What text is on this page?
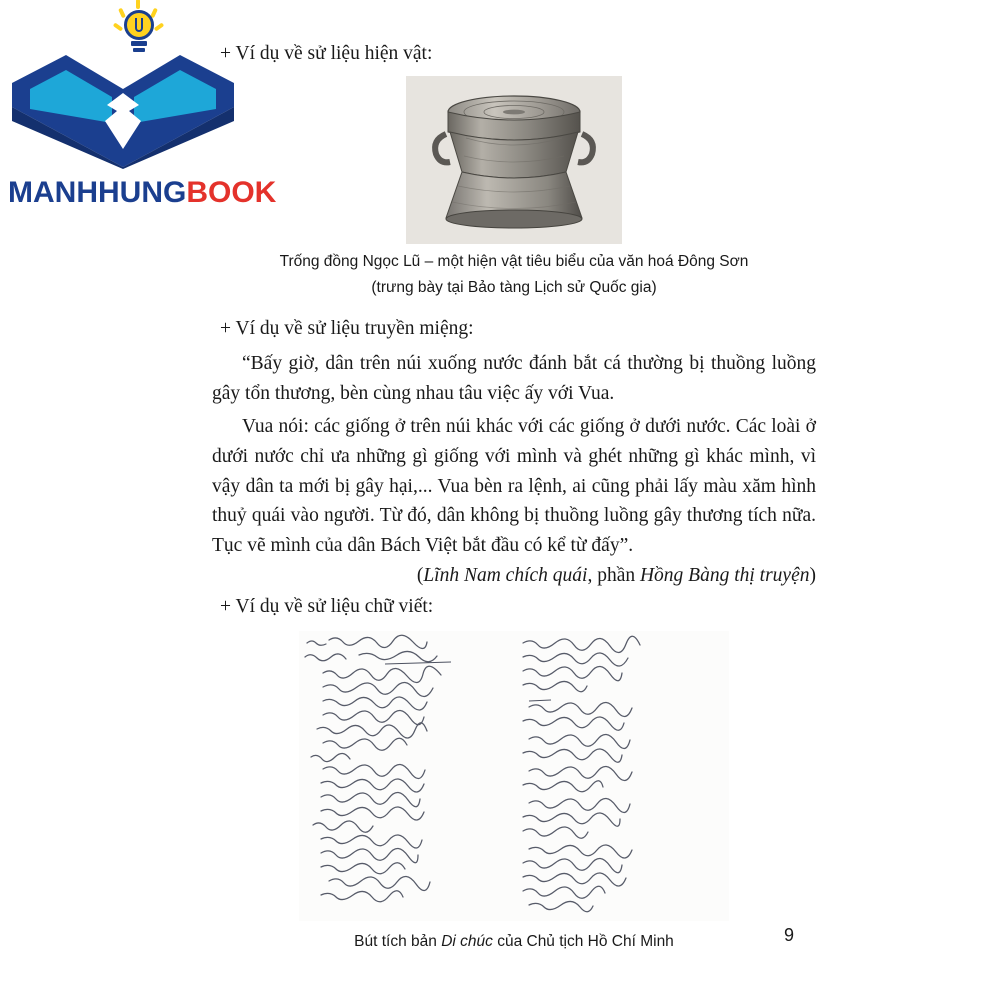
MANHHUNG BOOK

+ Ví dụ về sử liệu hiện vật:

Trống đồng Ngọc Lũ – một hiện vật tiêu biểu của văn hoá Đông Sơn

(trưng bày tại Bảo tàng Lịch sử Quốc gia)

+ Ví dụ về sử liệu truyền miệng:

“Bấy giờ, dân trên núi xuống nước đánh bắt cá thường bị thuồng luồng gây tổn thương, bèn cùng nhau tâu việc ấy với Vua.

Vua nói: các giống ở trên núi khác với các giống ở dưới nước. Các loài ở dưới nước chỉ ưa những gì giống với mình và ghét những gì khác mình, vì vậy dân ta mới bị gây hại,... Vua bèn ra lệnh, ai cũng phải lấy màu xăm hình thuỷ quái vào người. Từ đó, dân không bị thuồng luồng gây thương tích nữa. Tục vẽ mình của dân Bách Việt bắt đầu có kể từ đấy”.

(Lĩnh Nam chích quái, phần Hồng Bàng thị truyện)

+ Ví dụ về sử liệu chữ viết:

Bút tích bản Di chúc của Chủ tịch Hồ Chí Minh	9
